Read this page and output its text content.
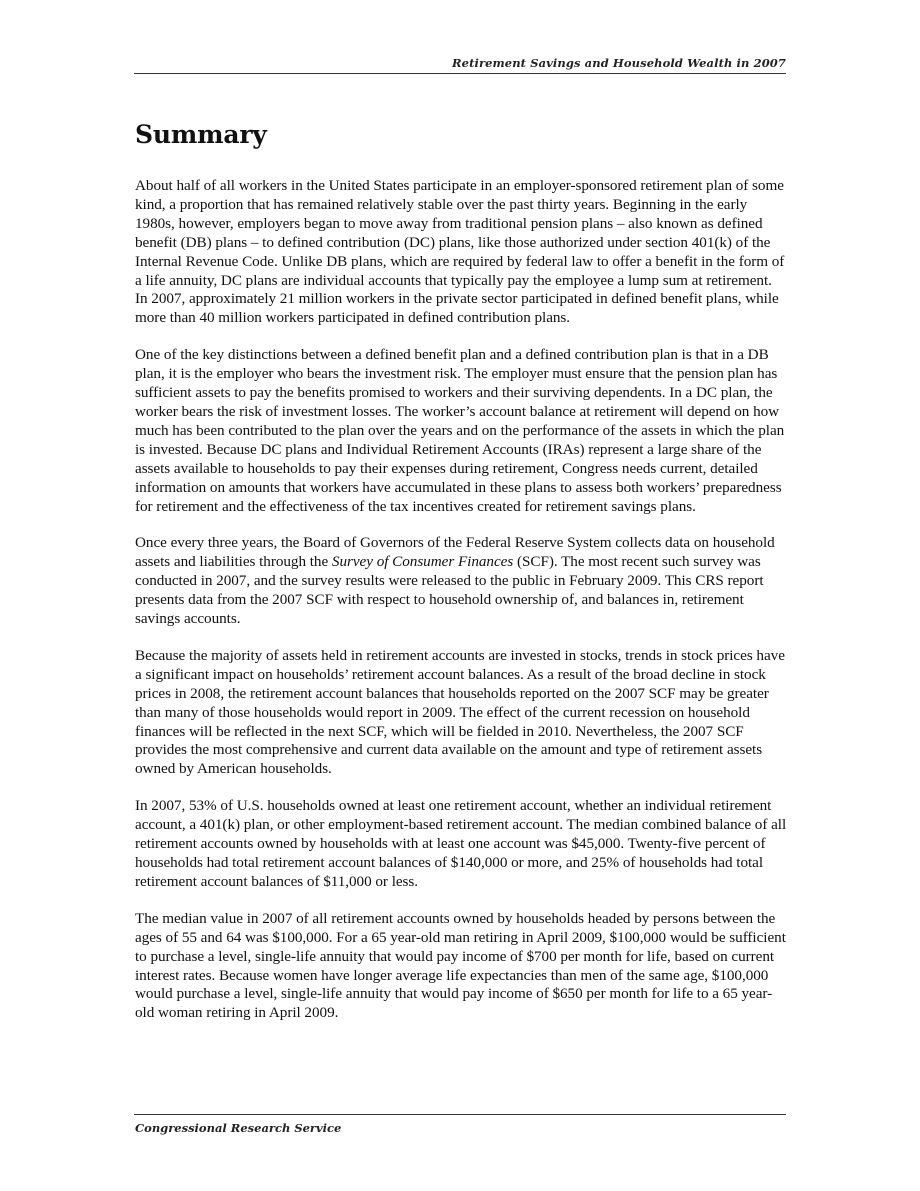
Retirement Savings and Household Wealth in 2007
Summary

About half of all workers in the United States participate in an employer-sponsored retirement plan of some kind, a proportion that has remained relatively stable over the past thirty years. Beginning in the early 1980s, however, employers began to move away from traditional pension plans – also known as defined benefit (DB) plans – to defined contribution (DC) plans, like those authorized under section 401(k) of the Internal Revenue Code. Unlike DB plans, which are required by federal law to offer a benefit in the form of a life annuity, DC plans are individual accounts that typically pay the employee a lump sum at retirement. In 2007, approximately 21 million workers in the private sector participated in defined benefit plans, while more than 40 million workers participated in defined contribution plans.

One of the key distinctions between a defined benefit plan and a defined contribution plan is that in a DB plan, it is the employer who bears the investment risk. The employer must ensure that the pension plan has sufficient assets to pay the benefits promised to workers and their surviving dependents. In a DC plan, the worker bears the risk of investment losses. The worker’s account balance at retirement will depend on how much has been contributed to the plan over the years and on the performance of the assets in which the plan is invested. Because DC plans and Individual Retirement Accounts (IRAs) represent a large share of the assets available to households to pay their expenses during retirement, Congress needs current, detailed information on amounts that workers have accumulated in these plans to assess both workers’ preparedness for retirement and the effectiveness of the tax incentives created for retirement savings plans.

Once every three years, the Board of Governors of the Federal Reserve System collects data on household assets and liabilities through the Survey of Consumer Finances (SCF). The most recent such survey was conducted in 2007, and the survey results were released to the public in February 2009. This CRS report presents data from the 2007 SCF with respect to household ownership of, and balances in, retirement savings accounts.

Because the majority of assets held in retirement accounts are invested in stocks, trends in stock prices have a significant impact on households’ retirement account balances. As a result of the broad decline in stock prices in 2008, the retirement account balances that households reported on the 2007 SCF may be greater than many of those households would report in 2009. The effect of the current recession on household finances will be reflected in the next SCF, which will be fielded in 2010. Nevertheless, the 2007 SCF provides the most comprehensive and current data available on the amount and type of retirement assets owned by American households.

In 2007, 53% of U.S. households owned at least one retirement account, whether an individual retirement account, a 401(k) plan, or other employment-based retirement account. The median combined balance of all retirement accounts owned by households with at least one account was $45,000. Twenty-five percent of households had total retirement account balances of $140,000 or more, and 25% of households had total retirement account balances of $11,000 or less.

The median value in 2007 of all retirement accounts owned by households headed by persons between the ages of 55 and 64 was $100,000. For a 65 year-old man retiring in April 2009, $100,000 would be sufficient to purchase a level, single-life annuity that would pay income of $700 per month for life, based on current interest rates. Because women have longer average life expectancies than men of the same age, $100,000 would purchase a level, single-life annuity that would pay income of $650 per month for life to a 65 year-old woman retiring in April 2009.

Congressional Research Service
